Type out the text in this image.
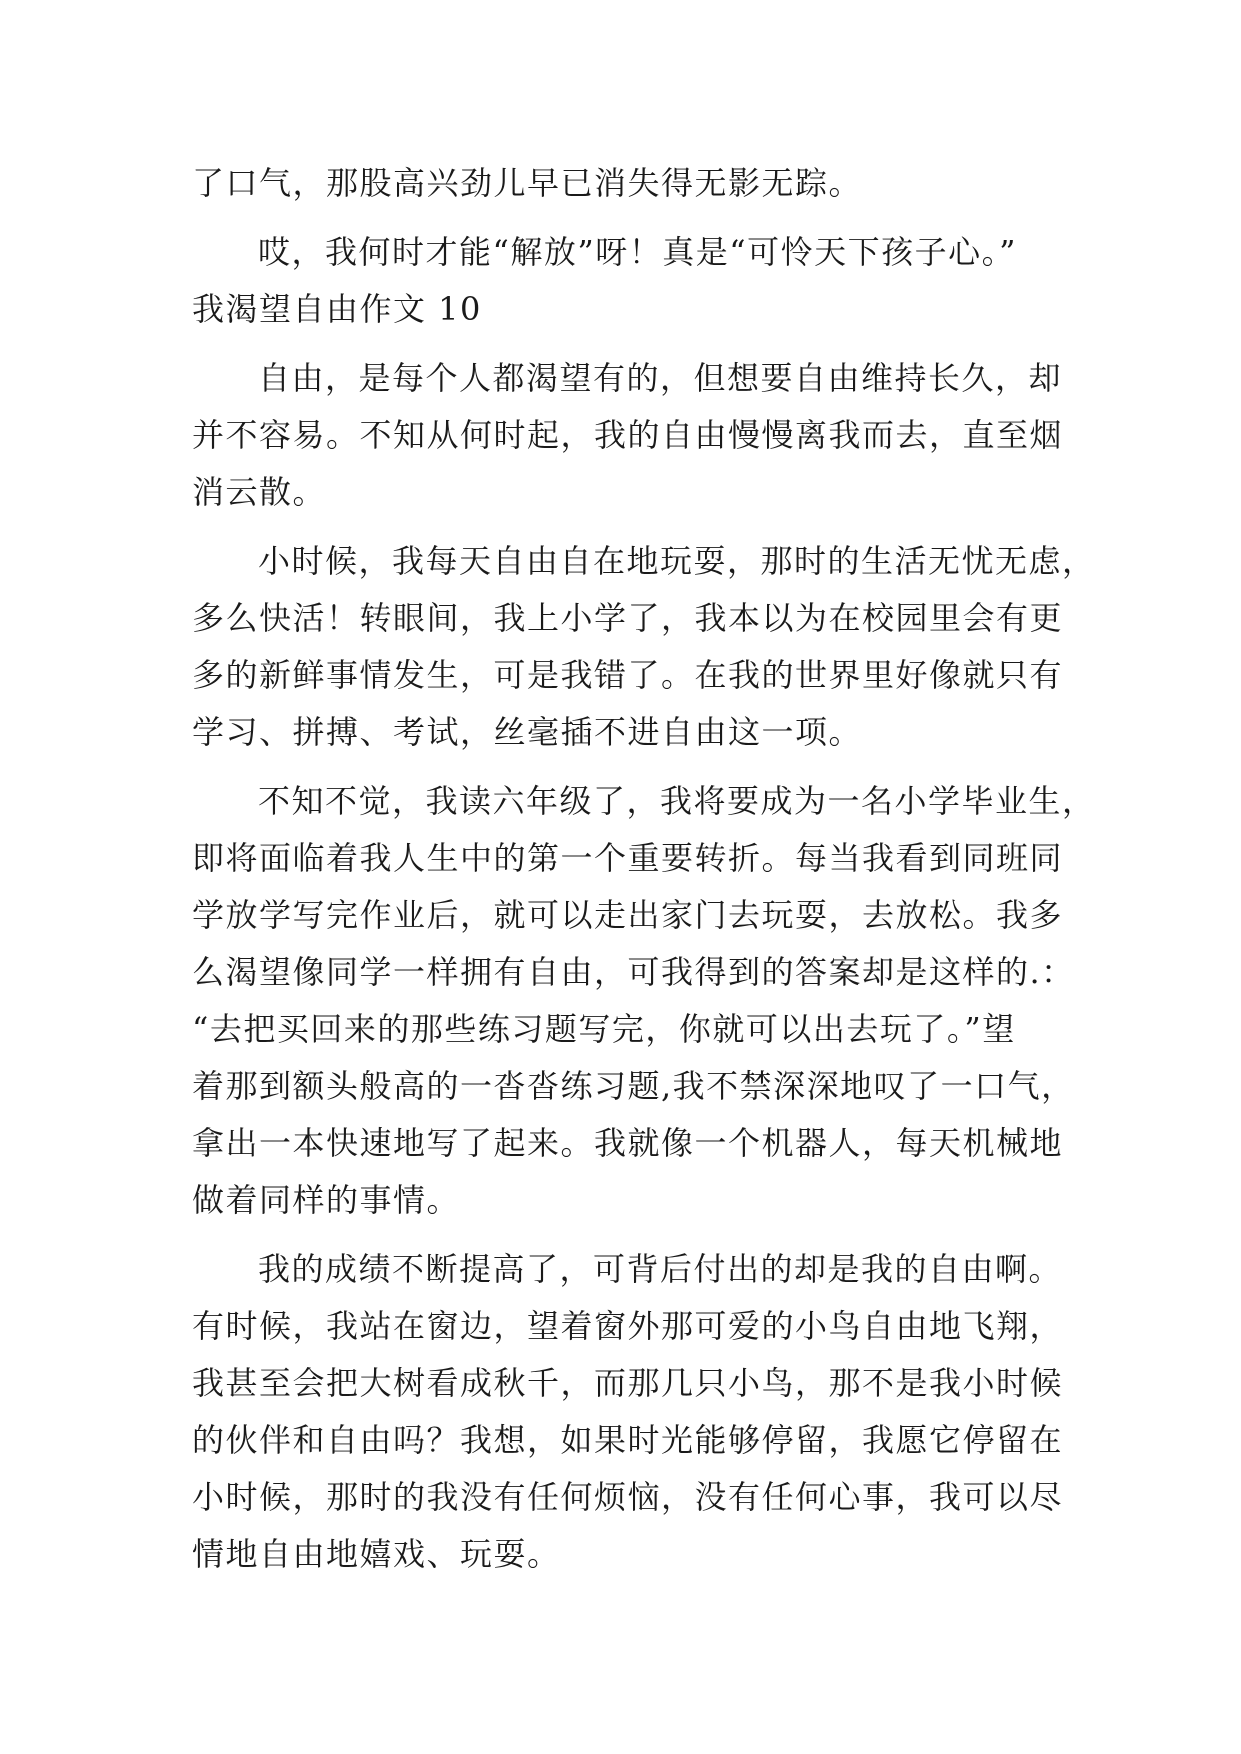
了口气，那股高兴劲儿早已消失得无影无踪。
哎，我何时才能“解放”呀！真是“可怜天下孩子心。”
我渴望自由作文 10
自由，是每个人都渴望有的，但想要自由维持长久，却
并不容易。不知从何时起，我的自由慢慢离我而去，直至烟
消云散。
小时候，我每天自由自在地玩耍，那时的生活无忧无虑，
多么快活！转眼间，我上小学了，我本以为在校园里会有更
多的新鲜事情发生，可是我错了。在我的世界里好像就只有
学习、拼搏、考试，丝毫插不进自由这一项。
不知不觉，我读六年级了，我将要成为一名小学毕业生，
即将面临着我人生中的第一个重要转折。每当我看到同班同
学放学写完作业后，就可以走出家门去玩耍，去放松。我多
么渴望像同学一样拥有自由，可我得到的答案却是这样的.：
“去把买回来的那些练习题写完，你就可以出去玩了。”望
着那到额头般高的一沓沓练习题,我不禁深深地叹了一口气，
拿出一本快速地写了起来。我就像一个机器人，每天机械地
做着同样的事情。
我的成绩不断提高了，可背后付出的却是我的自由啊。
有时候，我站在窗边，望着窗外那可爱的小鸟自由地飞翔，
我甚至会把大树看成秋千，而那几只小鸟，那不是我小时候
的伙伴和自由吗？我想，如果时光能够停留，我愿它停留在
小时候，那时的我没有任何烦恼，没有任何心事，我可以尽
情地自由地嬉戏、玩耍。
